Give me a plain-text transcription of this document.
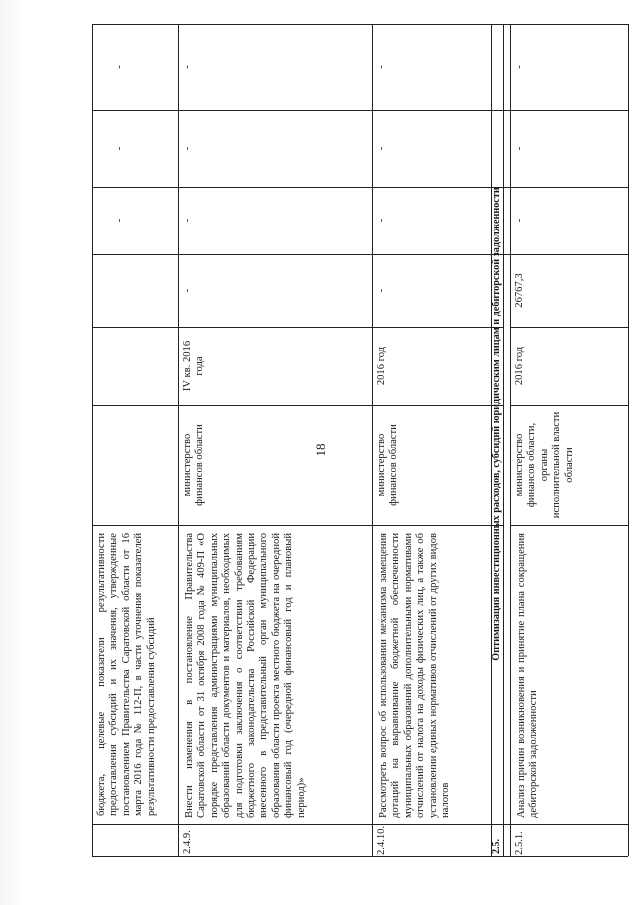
18
бюджета, целевые показатели результативности предоставления субсидий и их значения, утвержденные постановлением Правительства Саратовской области от 16 марта 2016 года № 112-П, в части уточнения показателей результативности предоставления субсидий
-
-
-
2.4.9.
Внести изменения в постановление Правительства Саратовской области от 31 октября 2008 года № 409-П «О порядке представления администрациями муниципальных образований области документов и материалов, необходимых для подготовки заключения о соответствии требованиям бюджетного законодательства Российской Федерации внесенного в представительный орган муниципального образования области проекта местного бюджета на очередной финансовый год (очередной финансовый год и плановый период)»
министерство финансов области
IV кв. 2016 года
-
-
-
-
2.4.10.
Рассмотреть вопрос об использовании механизма замещения дотаций на выравнивание бюджетной обеспеченности муниципальных образований дополнительными нормативами отчислений от налога на доходы физических лиц, а также об установлении единых нормативов отчислений от других видов налогов
министерство финансов области
2016 год
-
-
-
-
2.5.
Оптимизация инвестиционных расходов, субсидий юридическим лицам и дебиторской задолженности
2.5.1.
Анализ причин возникновения и принятие плана сокращения дебиторской задолженности
министерство финансов области, органы исполнительной власти области
2016 год
26767,3
-
-
-
